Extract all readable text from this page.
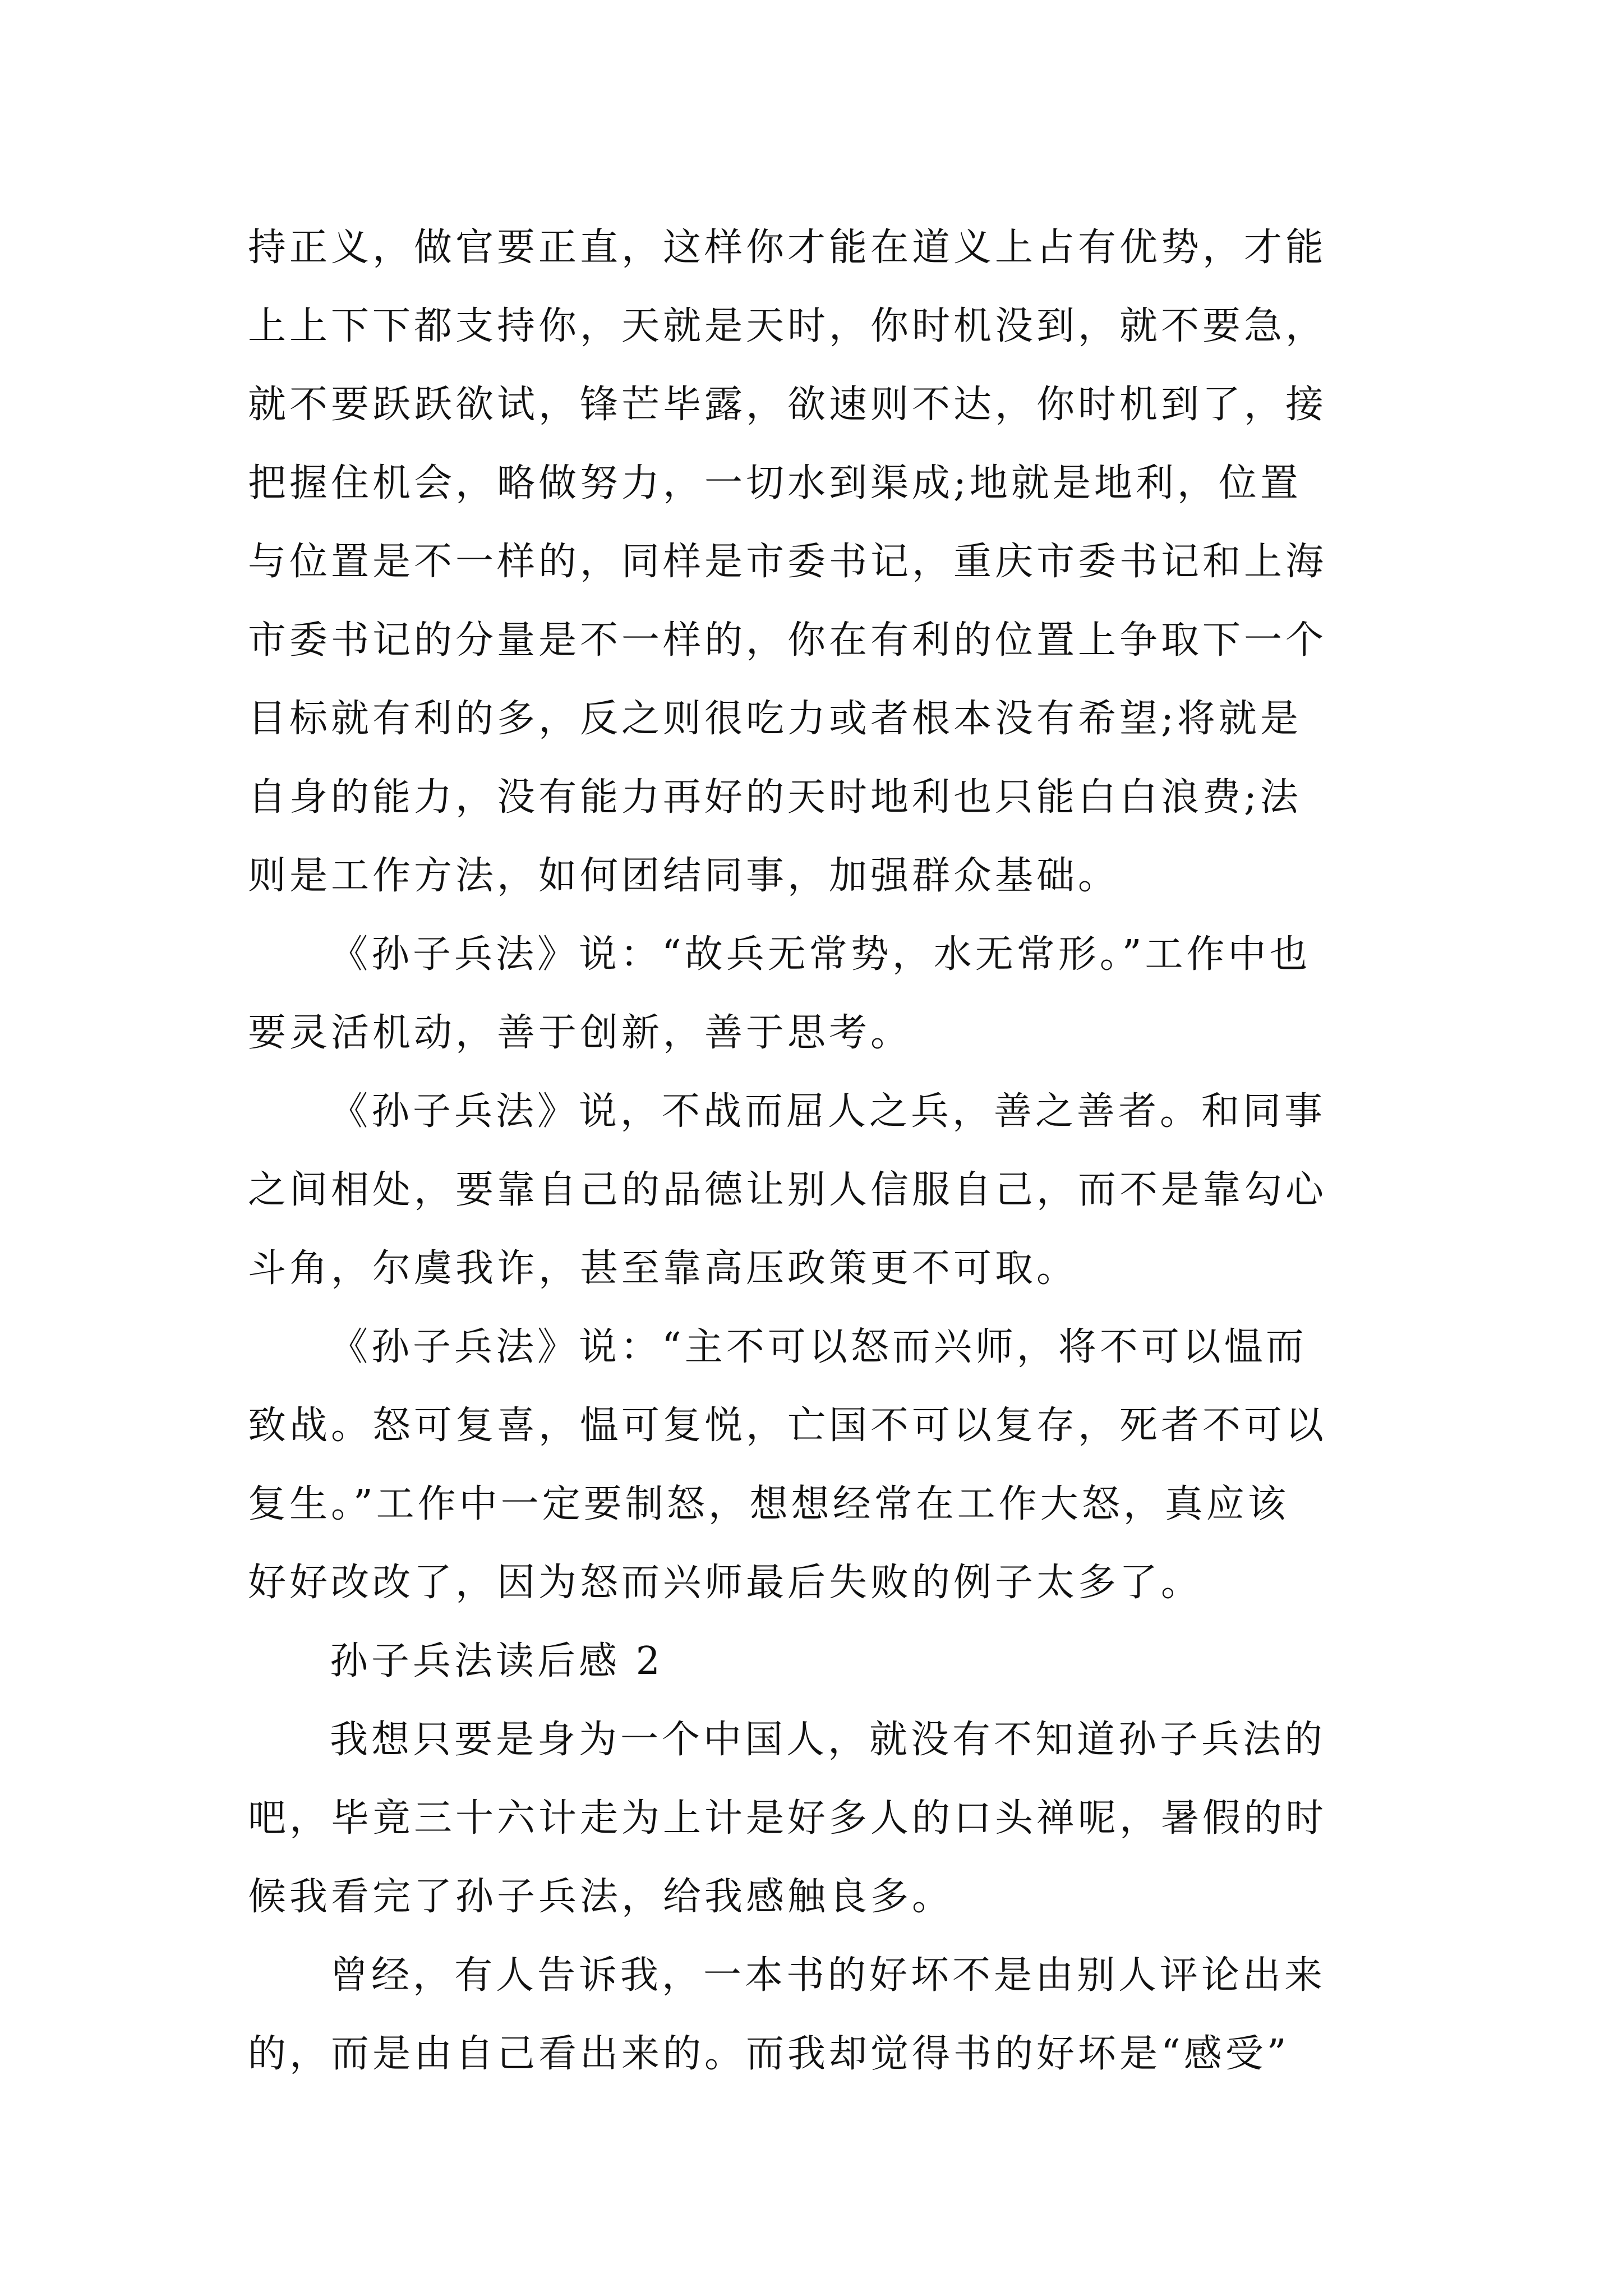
持正义，做官要正直，这样你才能在道义上占有优势，才能
上上下下都支持你，天就是天时，你时机没到，就不要急，
就不要跃跃欲试，锋芒毕露，欲速则不达，你时机到了，接
把握住机会，略做努力，一切水到渠成;地就是地利，位置
与位置是不一样的，同样是市委书记，重庆市委书记和上海
市委书记的分量是不一样的，你在有利的位置上争取下一个
目标就有利的多，反之则很吃力或者根本没有希望;将就是
自身的能力，没有能力再好的天时地利也只能白白浪费;法
则是工作方法，如何团结同事，加强群众基础。
《孙子兵法》说：“故兵无常势，水无常形。”工作中也
要灵活机动，善于创新，善于思考。
《孙子兵法》说，不战而屈人之兵，善之善者。和同事
之间相处，要靠自己的品德让别人信服自己，而不是靠勾心
斗角，尔虞我诈，甚至靠高压政策更不可取。
《孙子兵法》说：“主不可以怒而兴师，将不可以愠而
致战。怒可复喜，愠可复悦，亡国不可以复存，死者不可以
复生。”工作中一定要制怒，想想经常在工作大怒，真应该
好好改改了，因为怒而兴师最后失败的例子太多了。
孙子兵法读后感 2
我想只要是身为一个中国人，就没有不知道孙子兵法的
吧，毕竟三十六计走为上计是好多人的口头禅呢，暑假的时
候我看完了孙子兵法，给我感触良多。
曾经，有人告诉我，一本书的好坏不是由别人评论出来
的，而是由自己看出来的。而我却觉得书的好坏是“感受”
